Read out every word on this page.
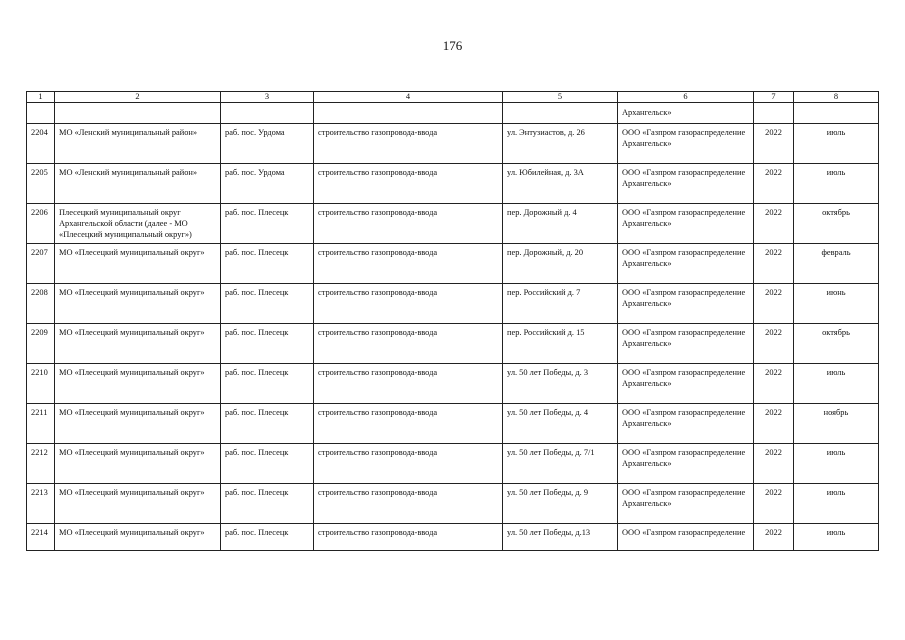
176
1	2	3	4	5	6	7	8
					Архангельск»		
2204	МО «Ленский муниципальный район»	раб. пос. Урдома	строительство газопровода-ввода	ул. Энтузиастов, д. 26	ООО «Газпром газораспределение Архангельск»	2022	июль
2205	МО «Ленский муниципальный район»	раб. пос. Урдома	строительство газопровода-ввода	ул. Юбилейная, д. 3А	ООО «Газпром газораспределение Архангельск»	2022	июль
2206	Плесецкий муниципальный округ Архангельской области (далее - МО «Плесецкий муниципальный округ»)	раб. пос. Плесецк	строительство газопровода-ввода	пер. Дорожный д. 4	ООО «Газпром газораспределение Архангельск»	2022	октябрь
2207	МО «Плесецкий муниципальный округ»	раб. пос. Плесецк	строительство газопровода-ввода	пер. Дорожный, д. 20	ООО «Газпром газораспределение Архангельск»	2022	февраль
2208	МО «Плесецкий муниципальный округ»	раб. пос. Плесецк	строительство газопровода-ввода	пер. Российский д. 7	ООО «Газпром газораспределение Архангельск»	2022	июнь
2209	МО «Плесецкий муниципальный округ»	раб. пос. Плесецк	строительство газопровода-ввода	пер. Российский д. 15	ООО «Газпром газораспределение Архангельск»	2022	октябрь
2210	МО «Плесецкий муниципальный округ»	раб. пос. Плесецк	строительство газопровода-ввода	ул. 50 лет Победы, д. 3	ООО «Газпром газораспределение Архангельск»	2022	июль
2211	МО «Плесецкий муниципальный округ»	раб. пос. Плесецк	строительство газопровода-ввода	ул. 50 лет Победы, д. 4	ООО «Газпром газораспределение Архангельск»	2022	ноябрь
2212	МО «Плесецкий муниципальный округ»	раб. пос. Плесецк	строительство газопровода-ввода	ул. 50 лет Победы, д. 7/1	ООО «Газпром газораспределение Архангельск»	2022	июль
2213	МО «Плесецкий муниципальный округ»	раб. пос. Плесецк	строительство газопровода-ввода	ул. 50 лет Победы, д. 9	ООО «Газпром газораспределение Архангельск»	2022	июль
2214	МО «Плесецкий муниципальный округ»	раб. пос. Плесецк	строительство газопровода-ввода	ул. 50 лет Победы, д.13	ООО «Газпром газораспределение	2022	июль
